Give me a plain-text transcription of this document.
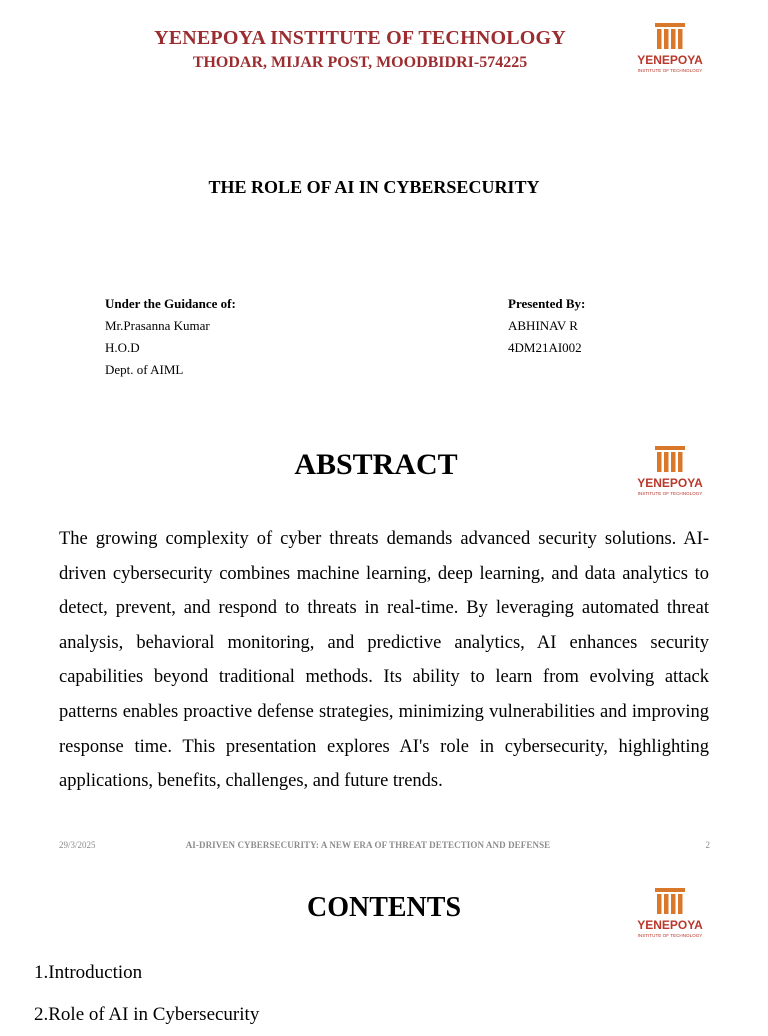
YENEPOYA INSTITUTE OF TECHNOLOGY
THODAR, MIJAR POST, MOODBIDRI-574225	YENEPOYA
INSTITUTE OF TECHNOLOGY
THE ROLE OF AI IN CYBERSECURITY
Under the Guidance of:
Mr.Prasanna Kumar
H.O.D
Dept. of AIML
Presented By:
ABHINAV R
4DM21AI002
ABSTRACT
YENEPOYA
INSTITUTE OF TECHNOLOGY
The growing complexity of cyber threats demands advanced security solutions. AI-driven cybersecurity combines machine learning, deep learning, and data analytics to detect, prevent, and respond to threats in real-time. By leveraging automated threat analysis, behavioral monitoring, and predictive analytics, AI enhances security capabilities beyond traditional methods. Its ability to learn from evolving attack patterns enables proactive defense strategies, minimizing vulnerabilities and improving response time. This presentation explores AI's role in cybersecurity, highlighting applications, benefits, challenges, and future trends.
29/3/2025	AI-DRIVEN CYBERSECURITY: A NEW ERA OF THREAT DETECTION AND DEFENSE	2
CONTENTS
YENEPOYA
INSTITUTE OF TECHNOLOGY
1.Introduction
2.Role of AI in Cybersecurity
